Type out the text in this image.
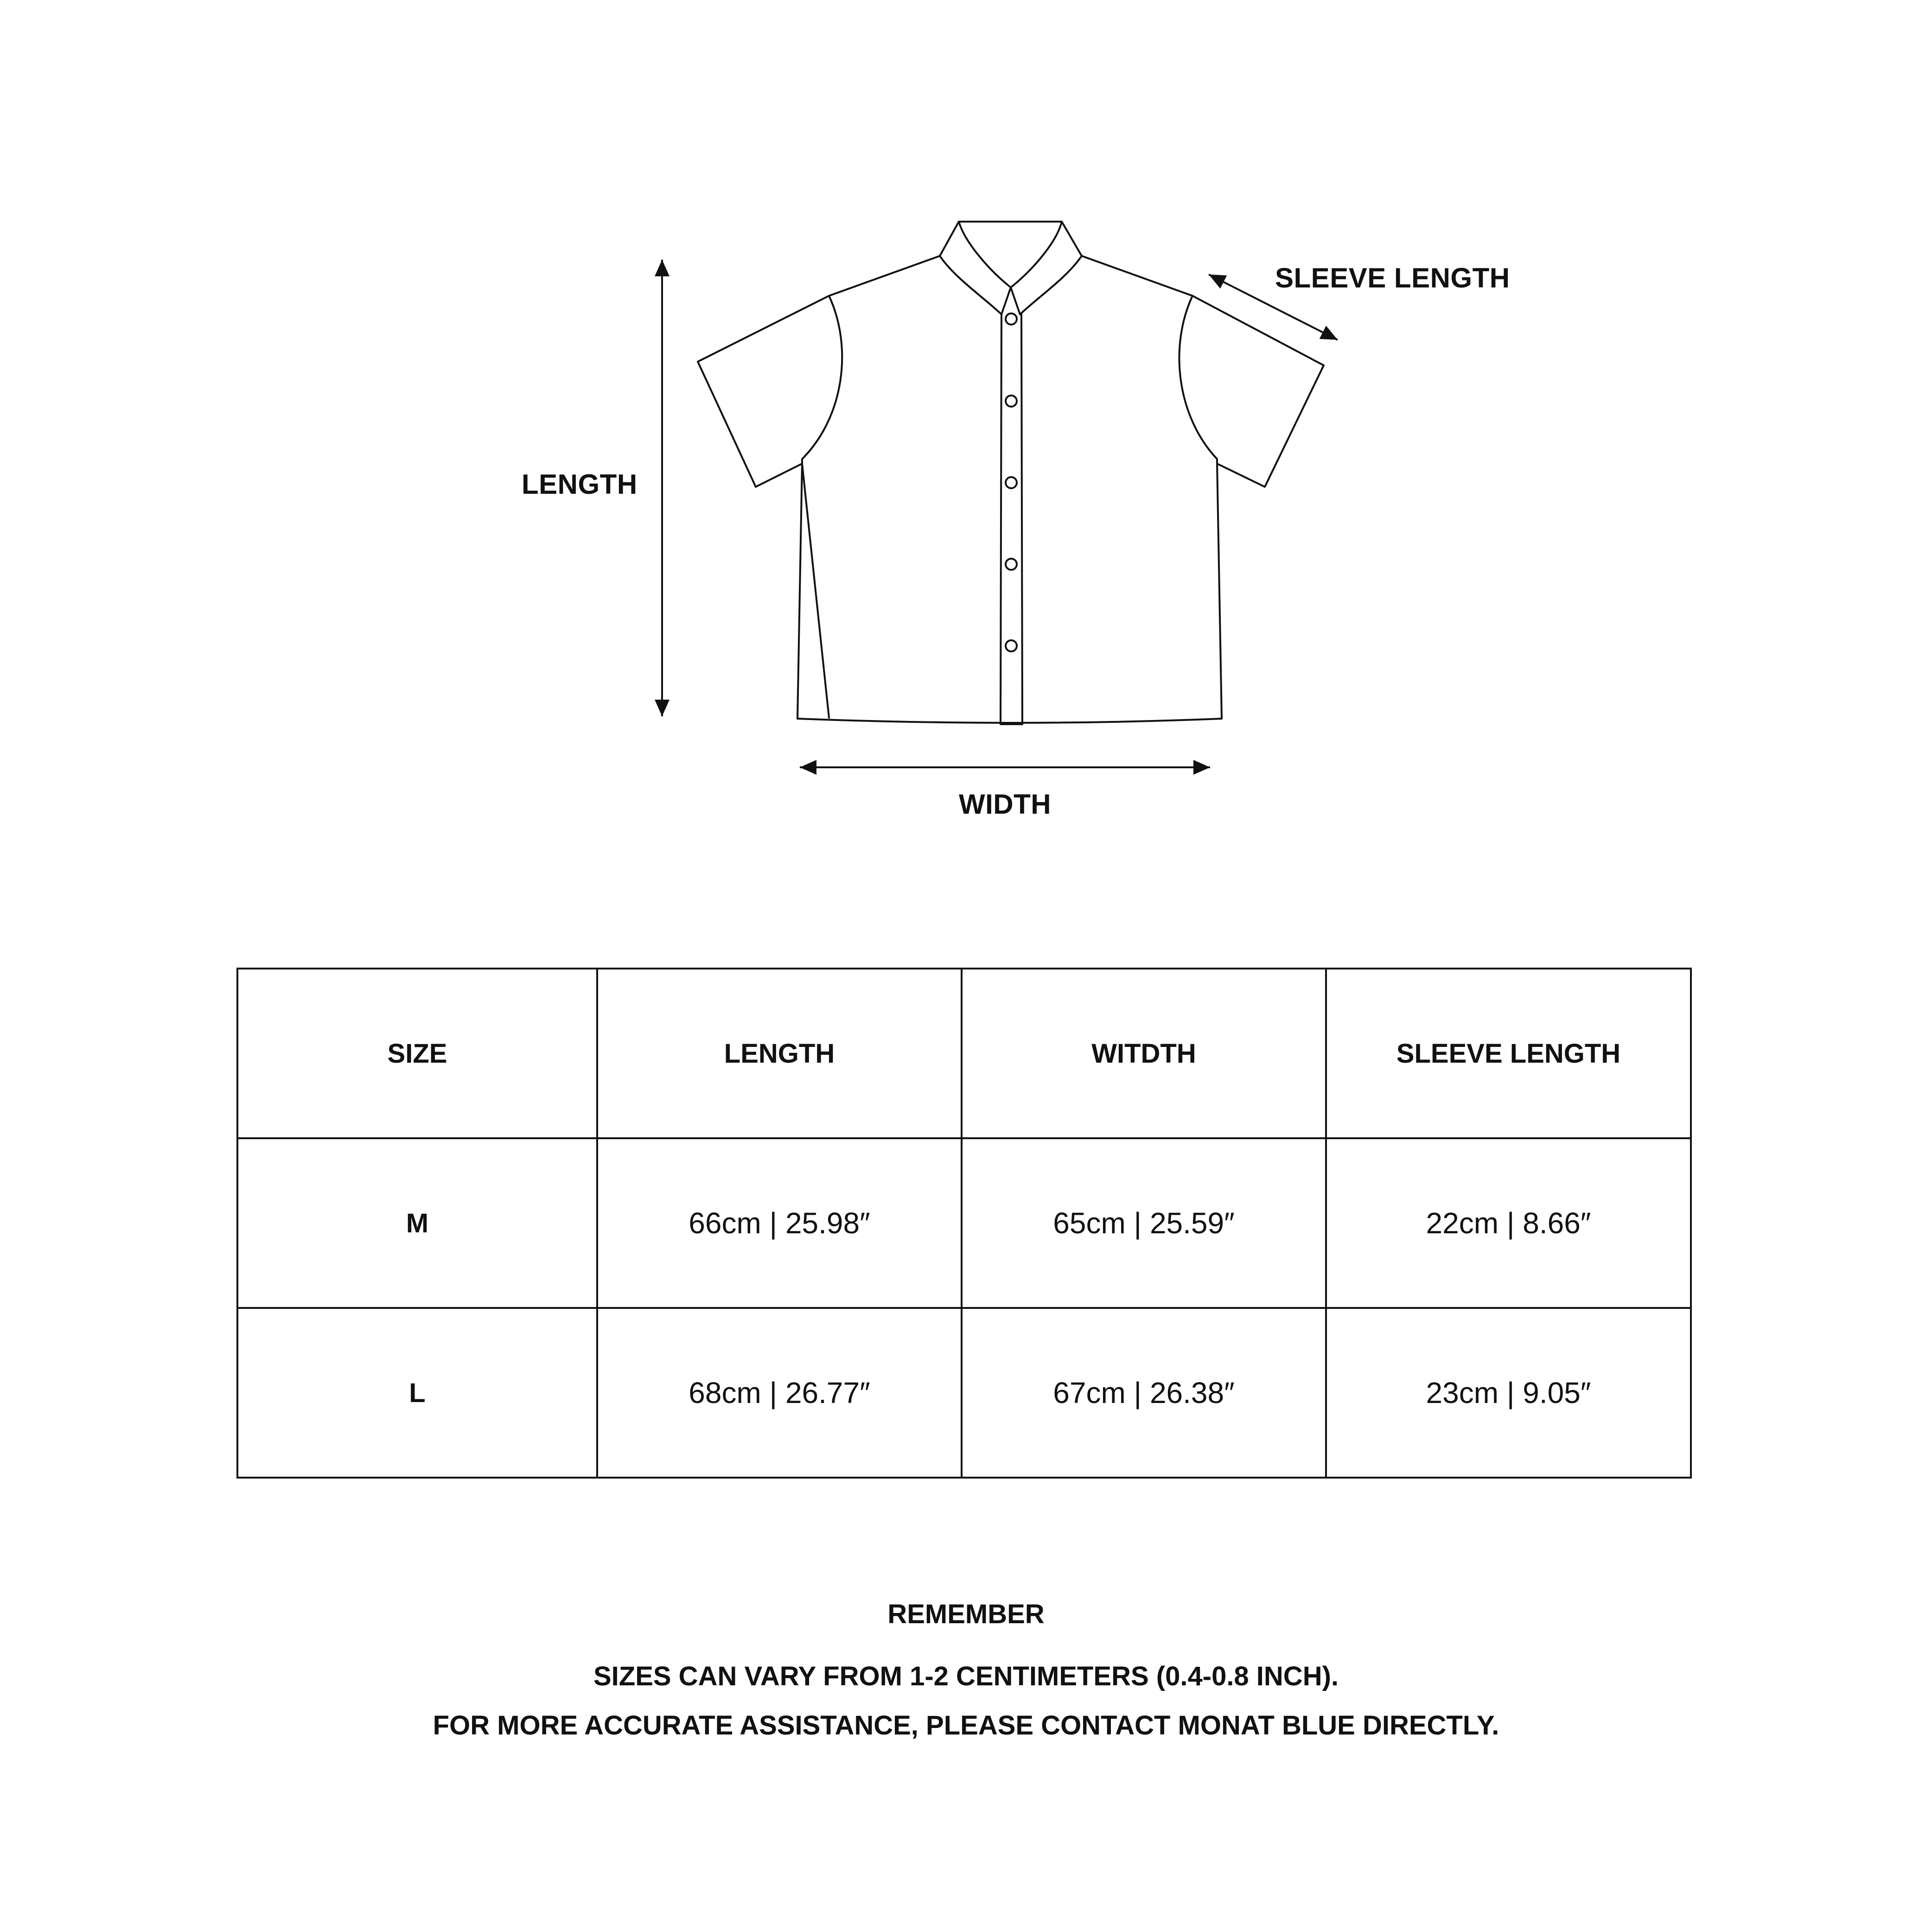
LENGTH
WIDTH
SLEEVE LENGTH
SIZE	LENGTH	WITDTH	SLEEVE LENGTH
M	66cm | 25.98″	65cm | 25.59″	22cm | 8.66″
L	68cm | 26.77″	67cm | 26.38″	23cm | 9.05″
REMEMBER
SIZES CAN VARY FROM 1-2 CENTIMETERS (0.4-0.8 INCH).
FOR MORE ACCURATE ASSISTANCE, PLEASE CONTACT MONAT BLUE DIRECTLY.
